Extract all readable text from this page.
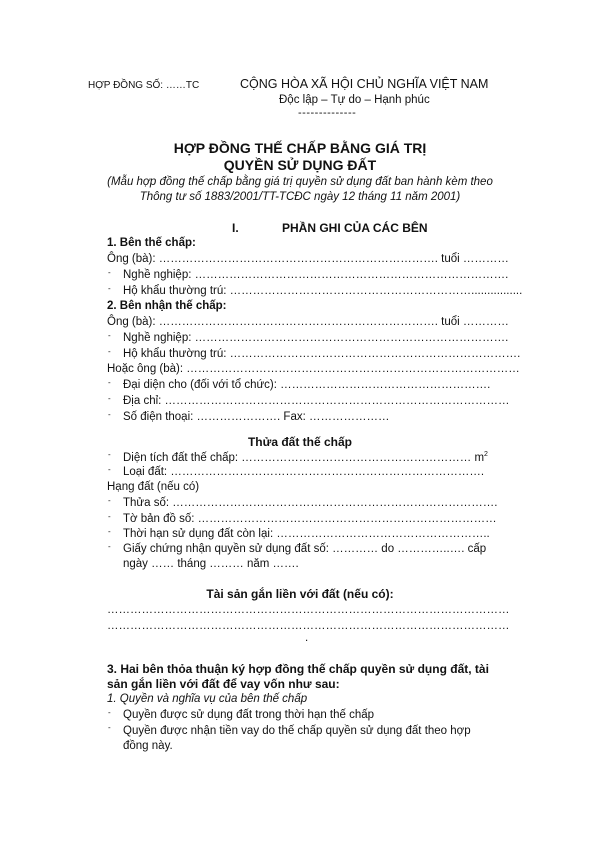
HỢP ĐỒNG SỐ: ……TC	CỘNG HÒA XÃ HỘI CHỦ NGHĨA VIỆT NAM
Độc lập – Tự do – Hạnh phúc
--------------
HỢP ĐỒNG THẾ CHẤP BẰNG GIÁ TRỊ
QUYỀN SỬ DỤNG ĐẤT
(Mẫu hợp đồng thế chấp bằng giá trị quyền sử dụng đất ban hành kèm theo
Thông tư số 1883/2001/TT-TCĐC ngày 12 tháng 11 năm 2001)
I.	PHẦN GHI CỦA CÁC BÊN
1. Bên thế chấp:
Ông (bà): ………………………………………………………………. tuổi …………
- Nghề nghiệp: ……………………………………………………………………….
- Hộ khẩu thường trú: ………………………………………………………................
2. Bên nhận thế chấp:
Ông (bà): ………………………………………………………………. tuổi …………
- Nghề nghiệp: ……………………………………………………………………….
- Hộ khẩu thường trú: ………………………………………………………………….
Hoặc ông (bà): ……………………………………………………………………………
- Đại diện cho (đối với tổ chức): ……………………………………………….
- Địa chỉ: ………………………………………………………………………………
- Số điện thoại: …………………. Fax: …………………
Thửa đất thế chấp
- Diện tích đất thế chấp: …………………………………………………… $m^2$
- Loại đất: ……………………………………………………………………….
Hạng đất (nếu có)
- Thửa số: ………………………………………………………………………….
- Tờ bản đồ số: ……………………………………………………………………
- Thời hạn sử dụng đất còn lại: ………………………………………………..
- Giấy chứng nhận quyền sử dụng đất số: ………… do …………..…. cấp
ngày …… tháng ……… năm …….
Tài sản gắn liền với đất (nếu có):
……………………………………………………………………………………………
……………………………………………………………………………………………
.
3. Hai bên thỏa thuận ký hợp đồng thế chấp quyền sử dụng đất, tài
sản gắn liền với đất để vay vốn như sau:
1. Quyền và nghĩa vụ của bên thế chấp
- Quyền được sử dụng đất trong thời hạn thế chấp
- Quyền được nhận tiền vay do thế chấp quyền sử dụng đất theo hợp
đồng này.
